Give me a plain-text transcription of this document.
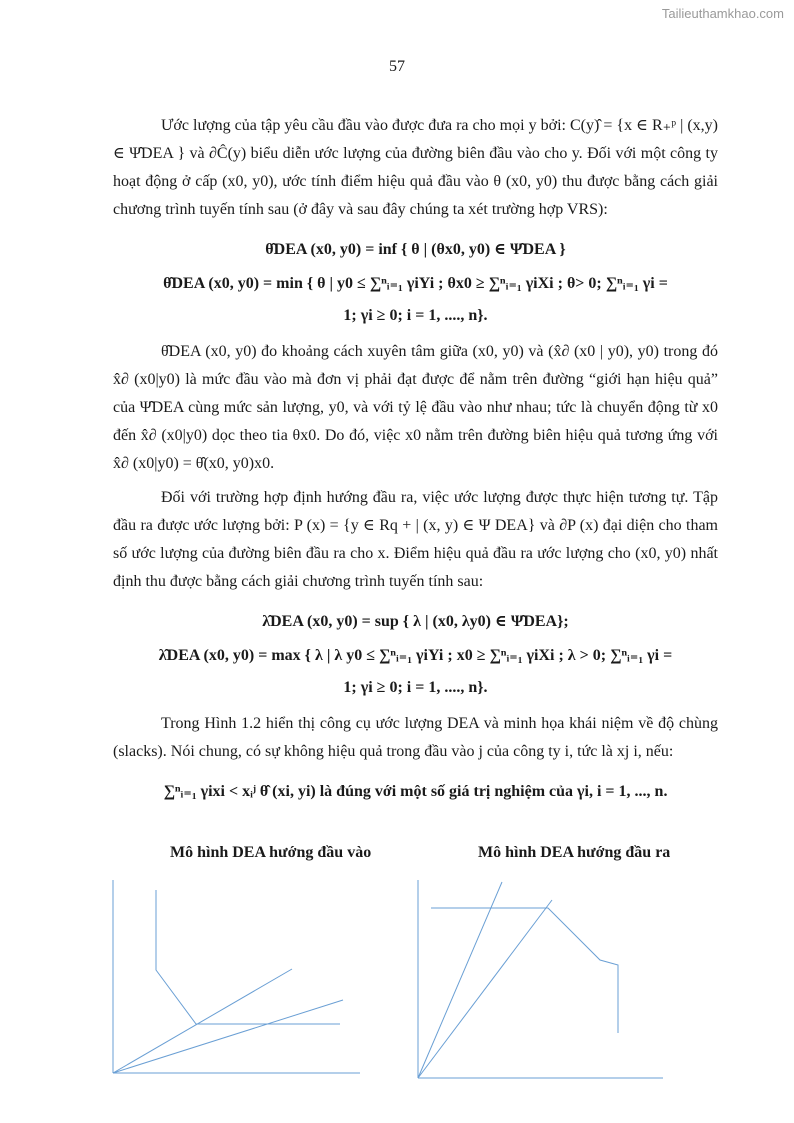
Tailieuthamkhao.com
57

Ước lượng của tập yêu cầu đầu vào được đưa ra cho mọi y bởi: C(y)̂ = {x ∈ R₊ᵖ | (x,y) ∈ Ψ̂DEA } và ∂Ĉ(y) biểu diễn ước lượng của đường biên đầu vào cho y. Đối với một công ty hoạt động ở cấp (x0, y0), ước tính điểm hiệu quả đầu vào θ (x0, y0) thu được bằng cách giải chương trình tuyến tính sau (ở đây và sau đây chúng ta xét trường hợp VRS):

θ̂DEA (x0, y0) = inf { θ | (θx0, y0) ∈ Ψ̂DEA }

θ̂DEA (x0, y0) = min { θ | y0 ≤ ∑ⁿᵢ₌₁ γiYi ; θx0 ≥ ∑ⁿᵢ₌₁ γiXi ; θ> 0; ∑ⁿᵢ₌₁ γi =

1; γi ≥ 0; i = 1, ...., n}.

θ̂DEA (x0, y0) đo khoảng cách xuyên tâm giữa (x0, y0) và (x̂∂ (x0 | y0), y0) trong đó x̂∂ (x0|y0) là mức đầu vào mà đơn vị phải đạt được để nằm trên đường “giới hạn hiệu quả” của Ψ̂DEA cùng mức sản lượng, y0, và với tỷ lệ đầu vào như nhau; tức là chuyển động từ x0 đến x̂∂ (x0|y0) dọc theo tia θx0. Do đó, việc x0 nằm trên đường biên hiệu quả tương ứng với x̂∂ (x0|y0) = θ̂(x0, y0)x0.

Đối với trường hợp định hướng đầu ra, việc ước lượng được thực hiện tương tự. Tập đầu ra được ước lượng bởi: P (x) = {y ∈ Rq + | (x, y) ∈ Ψ DEA} và ∂P (x) đại diện cho tham số ước lượng của đường biên đầu ra cho x. Điểm hiệu quả đầu ra ước lượng cho (x0, y0) nhất định thu được bằng cách giải chương trình tuyến tính sau:

λ̂DEA (x0, y0) = sup { λ | (x0, λy0) ∈ Ψ̂DEA};

λ̂DEA (x0, y0) = max { λ | λ y0 ≤ ∑ⁿᵢ₌₁ γiYi ; x0 ≥ ∑ⁿᵢ₌₁ γiXi ; λ > 0; ∑ⁿᵢ₌₁ γi =

1; γi ≥ 0; i = 1, ...., n}.

Trong Hình 1.2 hiển thị công cụ ước lượng DEA và minh họa khái niệm về độ chùng (slacks). Nói chung, có sự không hiệu quả trong đầu vào j của công ty i, tức là xj i, nếu:

∑ⁿᵢ₌₁ γixi < xᵢʲ θ̂ (xi, yi) là đúng với một số giá trị nghiệm của γi, i = 1, ..., n.

Mô hình DEA hướng đầu vào	Mô hình DEA hướng đầu ra
